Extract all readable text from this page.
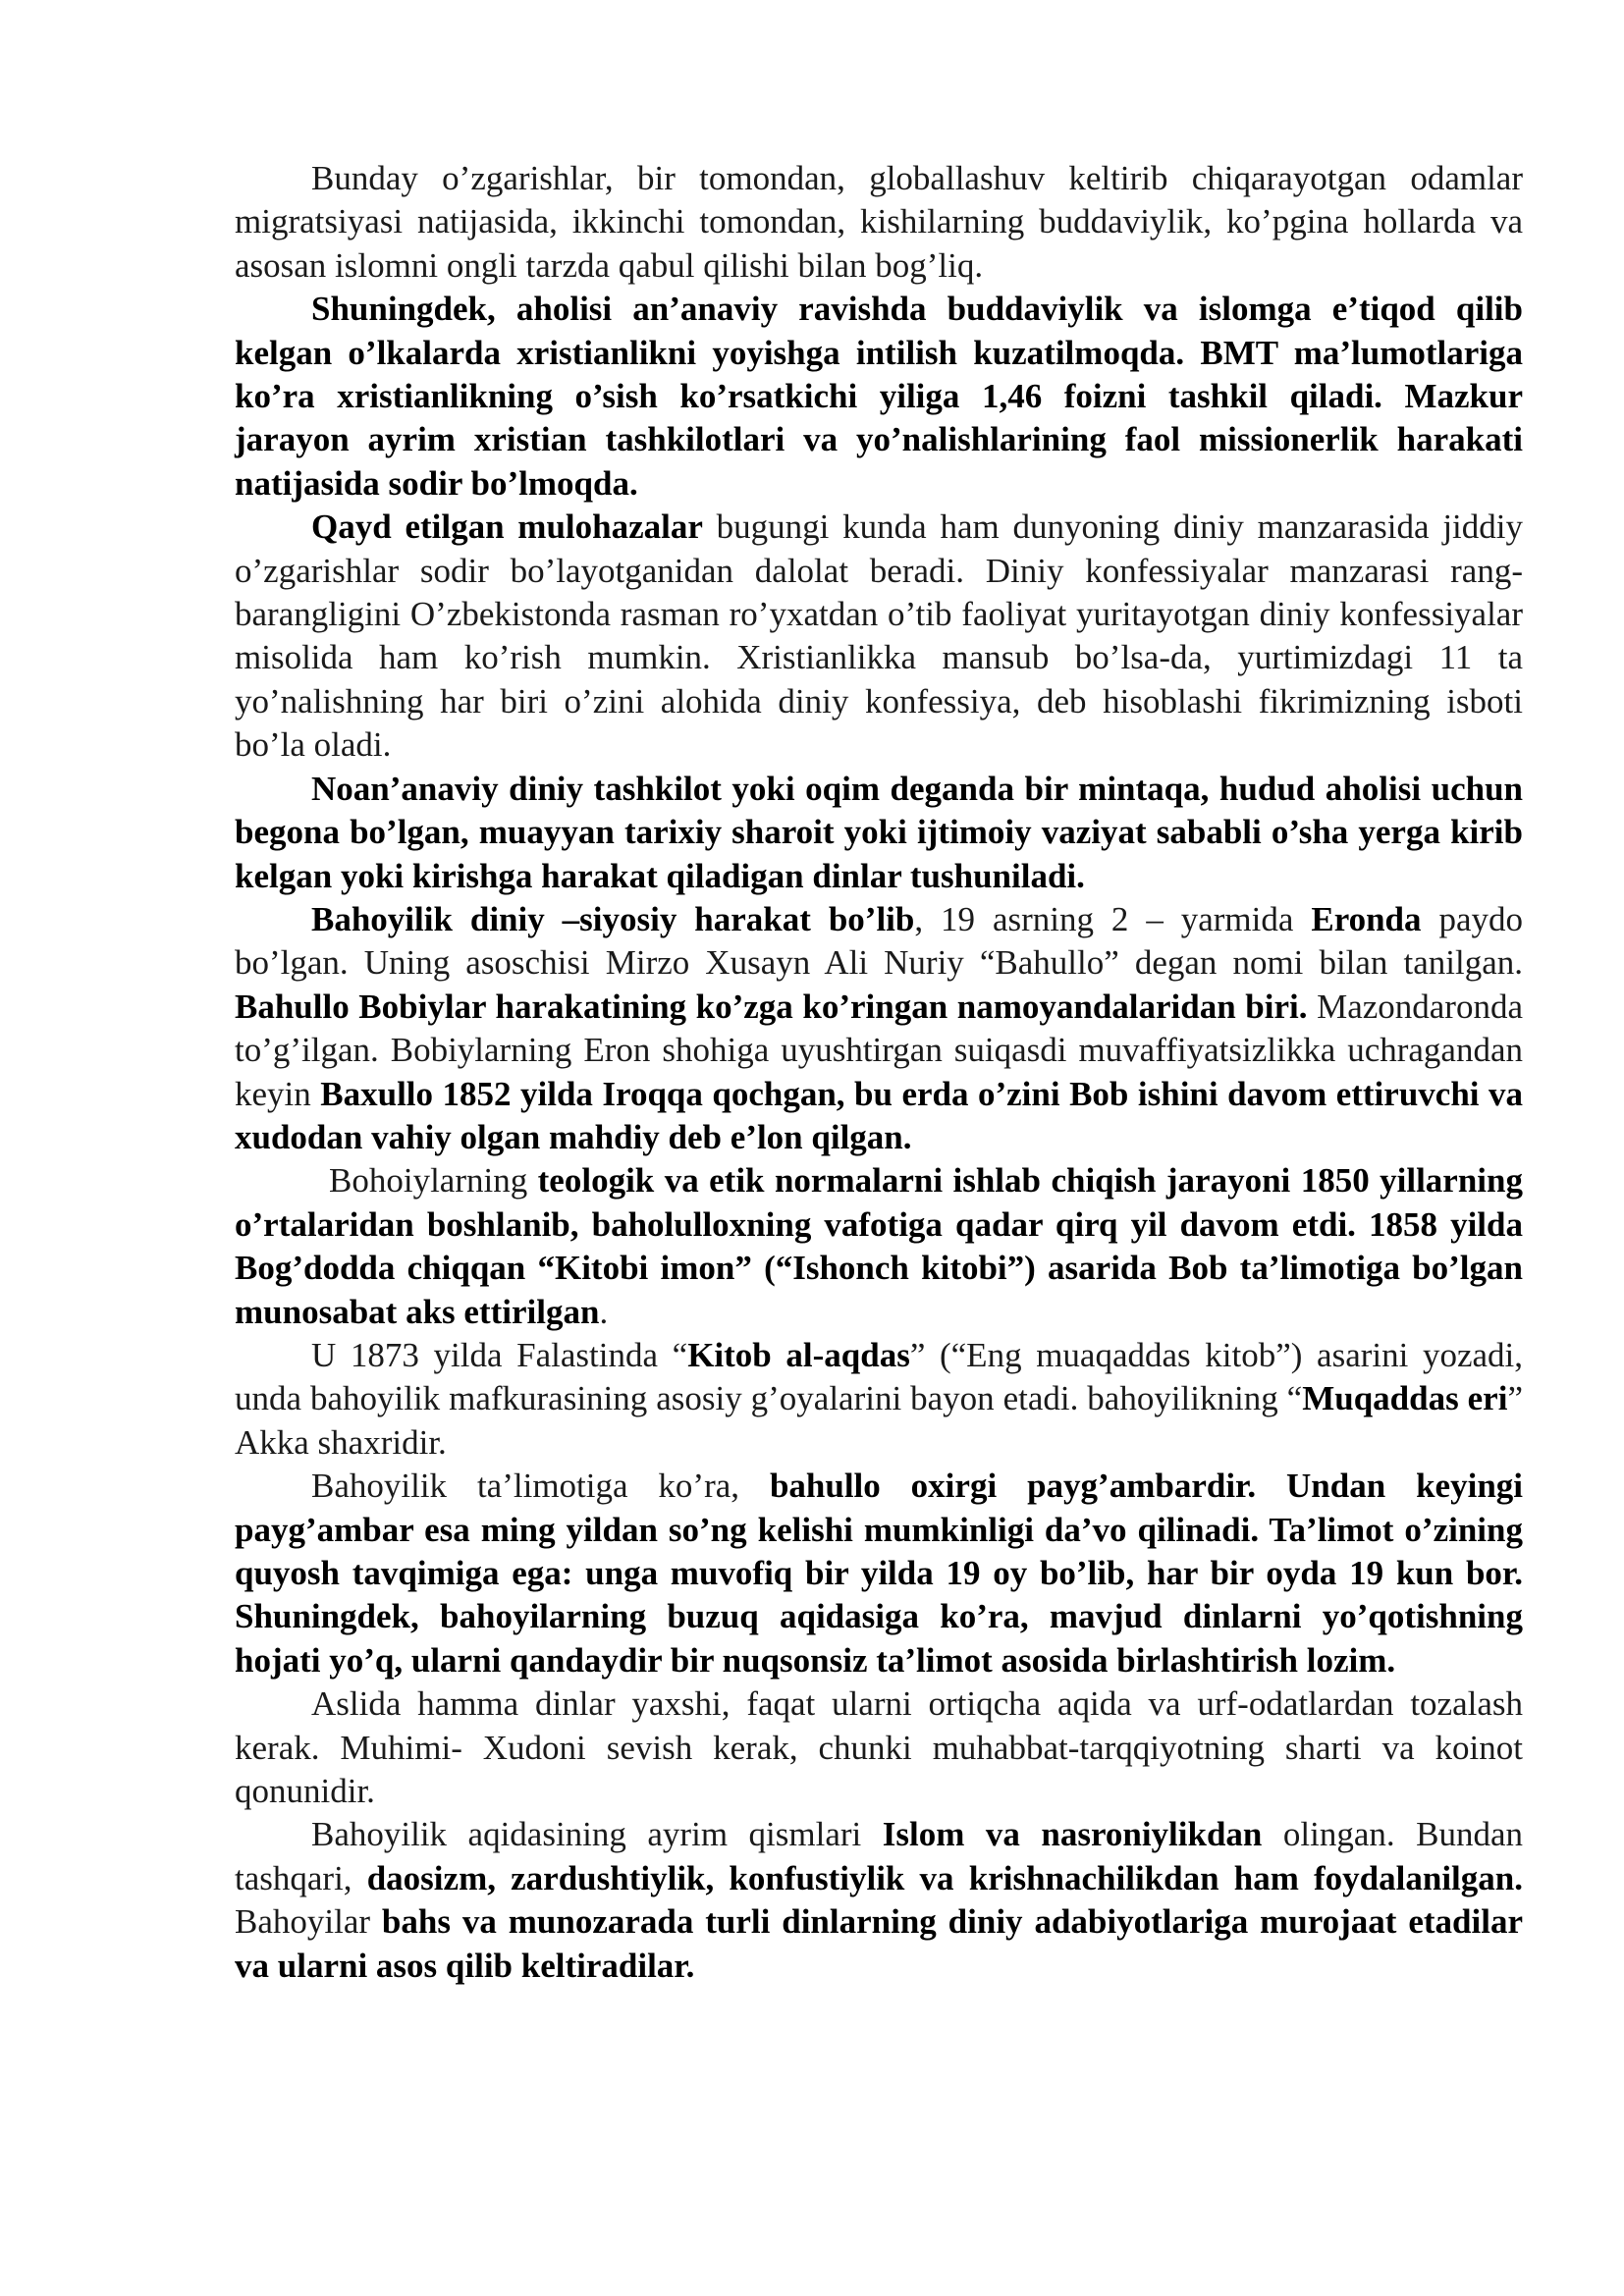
Bunday o’zgarishlar, bir tomondan, globallashuv keltirib chiqarayotgan odamlar migratsiyasi natijasida, ikkinchi tomondan, kishilarning buddaviylik, ko’pgina hollarda va asosan islomni ongli tarzda qabul qilishi bilan bog’liq.

Shuningdek, aholisi an’anaviy ravishda buddaviylik va islomga e’tiqod qilib kelgan o’lkalarda xristianlikni yoyishga intilish kuzatilmoqda. BMT ma’lumotlariga ko’ra xristianlikning o’sish ko’rsatkichi yiliga 1,46 foizni tashkil qiladi. Mazkur jarayon ayrim xristian tashkilotlari va yo’nalishlarining faol missionerlik harakati natijasida sodir bo’lmoqda.

Qayd etilgan mulohazalar bugungi kunda ham dunyoning diniy manzarasida jiddiy o’zgarishlar sodir bo’layotganidan dalolat beradi. Diniy konfessiyalar manzarasi rang-barangligini O’zbekistonda rasman ro’yxatdan o’tib faoliyat yuritayotgan diniy konfessiyalar misolida ham ko’rish mumkin. Xristianlikka mansub bo’lsa-da, yurtimizdagi 11 ta yo’nalishning har biri o’zini alohida diniy konfessiya, deb hisoblashi fikrimizning isboti bo’la oladi.

Noan’anaviy diniy tashkilot yoki oqim deganda bir mintaqa, hudud aholisi uchun begona bo’lgan, muayyan tarixiy sharoit yoki ijtimoiy vaziyat sababli o’sha yerga kirib kelgan yoki kirishga harakat qiladigan dinlar tushuniladi.

Bahoyilik diniy –siyosiy harakat bo’lib, 19 asrning 2 – yarmida Eronda paydo bo’lgan. Uning asoschisi Mirzo Xusayn Ali Nuriy “Bahullo” degan nomi bilan tanilgan. Bahullo Bobiylar harakatining ko’zga ko’ringan namoyandalaridan biri. Mazondaronda to’g’ilgan. Bobiylarning Eron shohiga uyushtirgan suiqasdi muvaffiyatsizlikka uchragandan keyin Baxullo 1852 yilda Iroqqa qochgan, bu erda o’zini Bob ishini davom ettiruvchi va xudodan vahiy olgan mahdiy deb e’lon qilgan.

Bohoiylarning teologik va etik normalarni ishlab chiqish jarayoni 1850 yillarning o’rtalaridan boshlanib, baholulloxning vafotiga qadar qirq yil davom etdi. 1858 yilda Bog’dodda chiqqan “Kitobi imon” (“Ishonch kitobi”) asarida Bob ta’limotiga bo’lgan munosabat aks ettirilgan.

U 1873 yilda Falastinda “Kitob al-aqdas” (“Eng muaqaddas kitob”) asarini yozadi, unda bahoyilik mafkurasining asosiy g’oyalarini bayon etadi. bahoyilikning “Muqaddas eri” Akka shaxridir.

Bahoyilik ta’limotiga ko’ra, bahullo oxirgi payg’ambardir. Undan keyingi payg’ambar esa ming yildan so’ng kelishi mumkinligi da’vo qilinadi. Ta’limot o’zining quyosh tavqimiga ega: unga muvofiq bir yilda 19 oy bo’lib, har bir oyda 19 kun bor. Shuningdek, bahoyilarning buzuq aqidasiga ko’ra, mavjud dinlarni yo’qotishning hojati yo’q, ularni qandaydir bir nuqsonsiz ta’limot asosida birlashtirish lozim.

Aslida hamma dinlar yaxshi, faqat ularni ortiqcha aqida va urf-odatlardan tozalash kerak. Muhimi- Xudoni sevish kerak, chunki muhabbat-tarqqiyotning sharti va koinot qonunidir.

Bahoyilik aqidasining ayrim qismlari Islom va nasroniylikdan olingan. Bundan tashqari, daosizm, zardushtiylik, konfustiylik va krishnachilikdan ham foydalanilgan. Bahoyilar bahs va munozarada turli dinlarning diniy adabiyotlariga murojaat etadilar va ularni asos qilib keltiradilar.
